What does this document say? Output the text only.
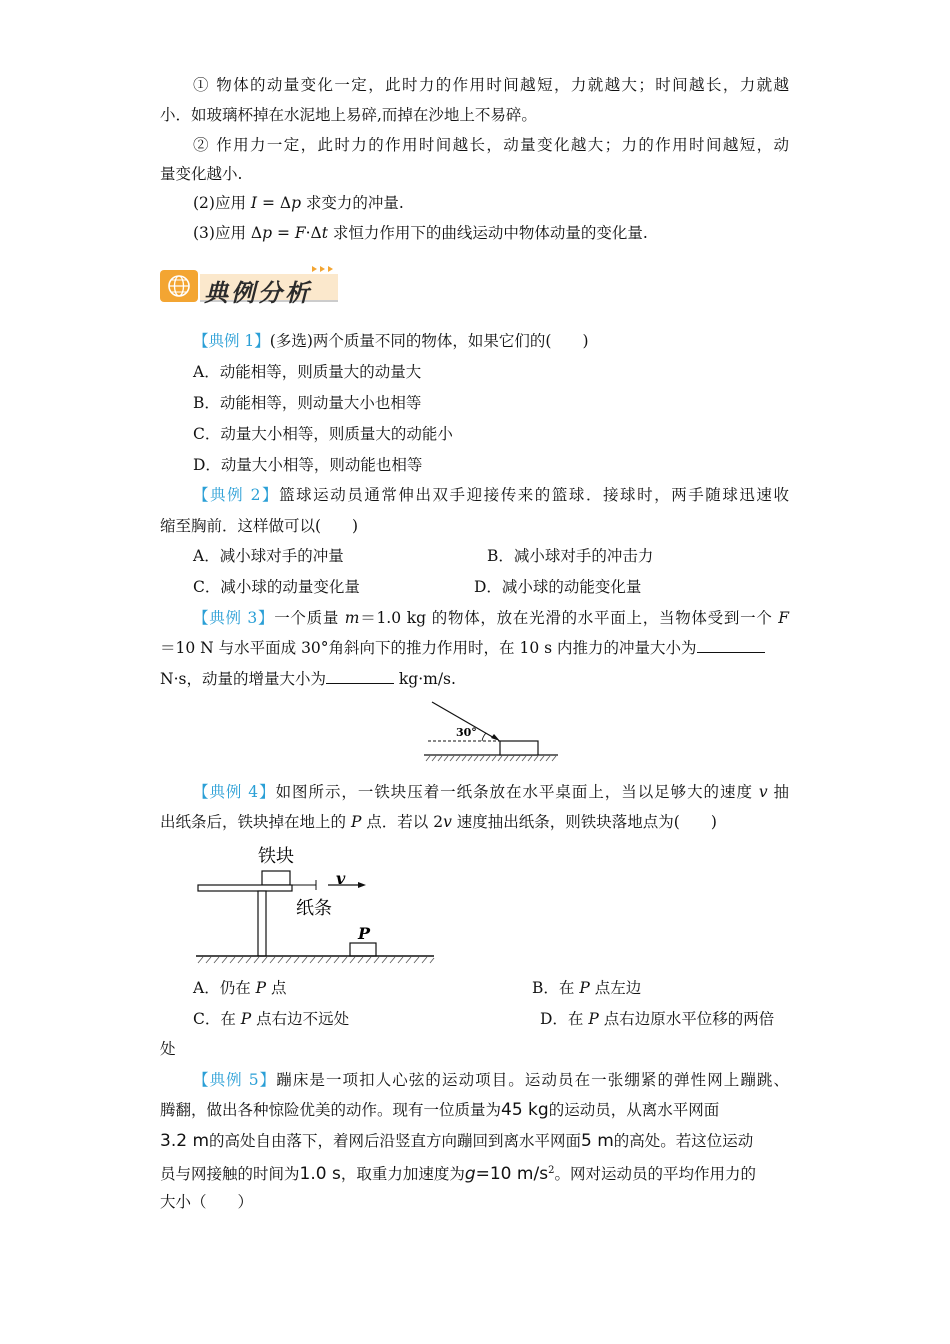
① 物体的动量变化一定，此时力的作用时间越短，力就越大；时间越长，力就越
小．如玻璃杯掉在水泥地上易碎,而掉在沙地上不易碎。
② 作用力一定，此时力的作用时间越长，动量变化越大；力的作用时间越短，动
量变化越小.
(2)应用 I = Δp 求变力的冲量.
(3)应用 Δp = F·Δt 求恒力作用下的曲线运动中物体动量的变化量.
典例分析
【典例 1】(多选)两个质量不同的物体，如果它们的(　　)
A．动能相等，则质量大的动量大
B．动能相等，则动量大小也相等
C．动量大小相等，则质量大的动能小
D．动量大小相等，则动能也相等
【典例 2】篮球运动员通常伸出双手迎接传来的篮球．接球时，两手随球迅速收
缩至胸前．这样做可以(　　)
A．减小球对手的冲量	B．减小球对手的冲击力
C．减小球的动量变化量	D．减小球的动能变化量
【典例 3】一个质量 m＝1.0 kg 的物体，放在光滑的水平面上，当物体受到一个 F
＝10 N 与水平面成 30°角斜向下的推力作用时，在 10 s 内推力的冲量大小为
N·s，动量的增量大小为	kg·m/s.
30°
【典例 4】如图所示，一铁块压着一纸条放在水平桌面上，当以足够大的速度 v 抽
出纸条后，铁块掉在地上的 P 点．若以 2v 速度抽出纸条，则铁块落地点为(　　)
铁块
v
纸条
P
A．仍在 P 点	B．在 P 点左边
C．在 P 点右边不远处	D．在 P 点右边原水平位移的两倍
处
【典例 5】蹦床是一项扣人心弦的运动项目。运动员在一张绷紧的弹性网上蹦跳、
腾翻，做出各种惊险优美的动作。现有一位质量为45 kg的运动员，从离水平网面
3.2 m的高处自由落下，着网后沿竖直方向蹦回到离水平网面5 m的高处。若这位运动
员与网接触的时间为1.0 s，取重力加速度为g=10 $m/s^2$。网对运动员的平均作用力的
大小（　　）
